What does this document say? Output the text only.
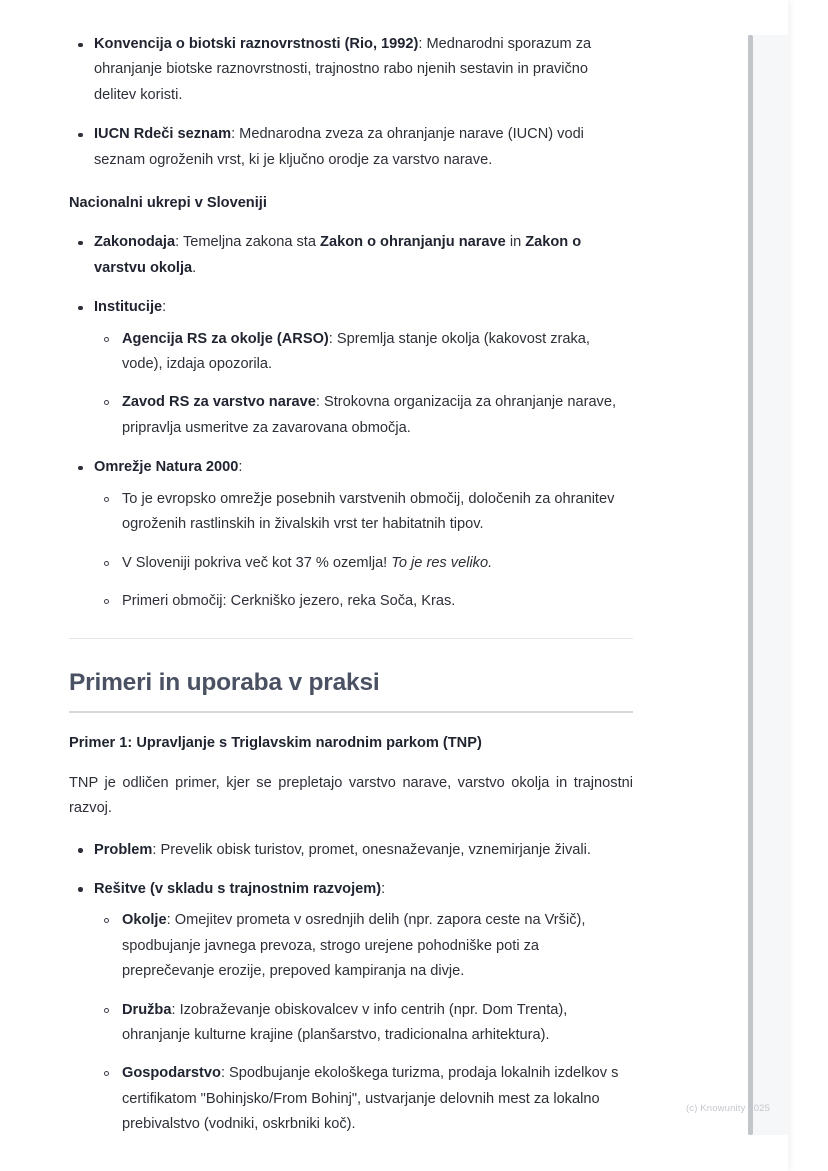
Konvencija o biotski raznovrstnosti (Rio, 1992): Mednarodni sporazum za ohranjanje biotske raznovrstnosti, trajnostno rabo njenih sestavin in pravično delitev koristi.
IUCN Rdeči seznam: Mednarodna zveza za ohranjanje narave (IUCN) vodi seznam ogroženih vrst, ki je ključno orodje za varstvo narave.
Nacionalni ukrepi v Sloveniji
Zakonodaja: Temeljna zakona sta Zakon o ohranjanju narave in Zakon o varstvu okolja.
Institucije:
Agencija RS za okolje (ARSO): Spremlja stanje okolja (kakovost zraka, vode), izdaja opozorila.
Zavod RS za varstvo narave: Strokovna organizacija za ohranjanje narave, pripravlja usmeritve za zavarovana območja.
Omrežje Natura 2000:
To je evropsko omrežje posebnih varstvenih območij, določenih za ohranitev ogroženih rastlinskih in živalskih vrst ter habitatnih tipov.
V Sloveniji pokriva več kot 37 % ozemlja! To je res veliko.
Primeri območij: Cerkniško jezero, reka Soča, Kras.
Primeri in uporaba v praksi
Primer 1: Upravljanje s Triglavskim narodnim parkom (TNP)

TNP je odličen primer, kjer se prepletajo varstvo narave, varstvo okolja in trajnostni razvoj.

Problem: Prevelik obisk turistov, promet, onesnaževanje, vznemirjanje živali.
Rešitve (v skladu s trajnostnim razvojem):
Okolje: Omejitev prometa v osrednjih delih (npr. zapora ceste na Vršič), spodbujanje javnega prevoza, strogo urejene pohodniške poti za preprečevanje erozije, prepoved kampiranja na divje.
Družba: Izobraževanje obiskovalcev v info centrih (npr. Dom Trenta), ohranjanje kulturne krajine (planšarstvo, tradicionalna arhitektura).
Gospodarstvo: Spodbujanje ekološkega turizma, prodaja lokalnih izdelkov s certifikatom "Bohinjsko/From Bohinj", ustvarjanje delovnih mest za lokalno prebivalstvo (vodniki, oskrbniki koč).
(c) Knowunity 2025
